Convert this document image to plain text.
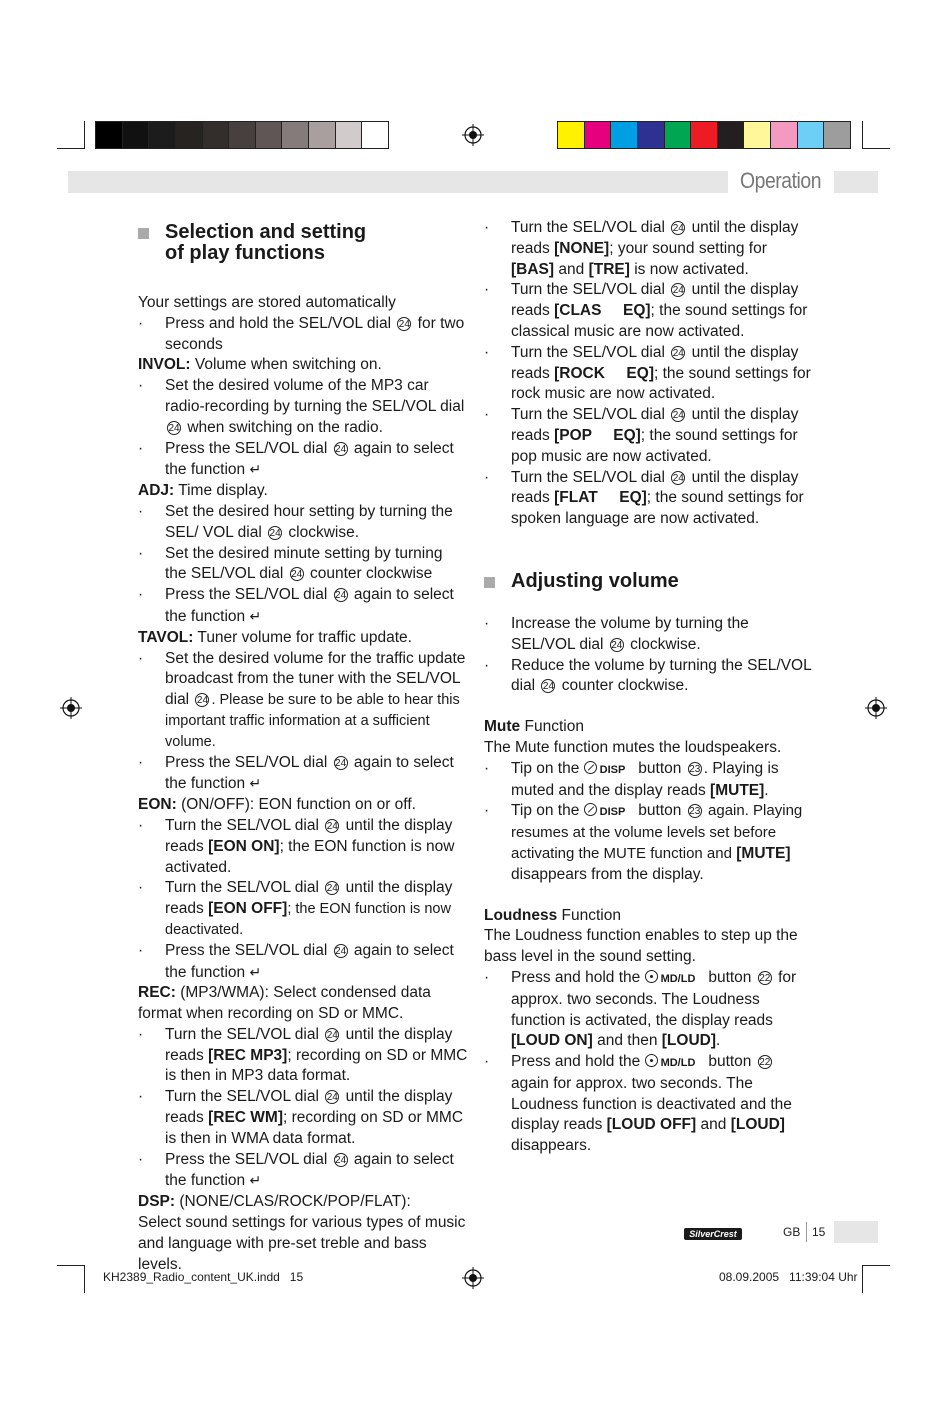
Operation
Selection and setting
of play functions

Your settings are stored automatically

· Press and hold the SEL/VOL dial 24 for two seconds

INVOL: Volume when switching on.

· Set the desired volume of the MP3 car radio-recording by turning the SEL/VOL dial 24 when switching on the radio.
· Press the SEL/VOL dial 24 again to select the function ↵

ADJ: Time display.

· Set the desired hour setting by turning the SEL/ VOL dial 24 clockwise.
· Set the desired minute setting by turning the SEL/VOL dial 24 counter clockwise
· Press the SEL/VOL dial 24 again to select the function ↵

TAVOL: Tuner volume for traffic update.

· Set the desired volume for the traffic update broadcast from the tuner with the SEL/VOL dial 24 . Please be sure to be able to hear this important traffic information at a sufficient volume.
· Press the SEL/VOL dial 24 again to select the function ↵

EON: (ON/OFF): EON function on or off.

· Turn the SEL/VOL dial 24 until the display reads [EON ON]; the EON function is now activated.
· Turn the SEL/VOL dial 24 until the display reads [EON OFF]; the EON function is now deactivated.
· Press the SEL/VOL dial 24 again to select the function ↵

REC: (MP3/WMA): Select condensed data format when recording on SD or MMC.

· Turn the SEL/VOL dial 24 until the display reads [REC MP3]; recording on SD or MMC is then in MP3 data format.
· Turn the SEL/VOL dial 24 until the display reads [REC WM]; recording on SD or MMC is then in WMA data format.
· Press the SEL/VOL dial 24 again to select the function ↵

DSP: (NONE/CLAS/ROCK/POP/FLAT):

Select sound settings for various types of music and language with pre-set treble and bass levels.

· Turn the SEL/VOL dial 24 until the display reads [NONE]; your sound setting for [BAS] and [TRE] is now activated.
· Turn the SEL/VOL dial 24 until the display reads [CLAS     EQ]; the sound settings for classical music are now activated.
· Turn the SEL/VOL dial 24 until the display reads [ROCK     EQ]; the sound settings for rock music are now activated.
· Turn the SEL/VOL dial 24 until the display reads [POP     EQ]; the sound settings for pop music are now activated.
· Turn the SEL/VOL dial 24 until the display reads [FLAT     EQ]; the sound settings for spoken language are now activated.
Adjusting volume
· Increase the volume by turning the SEL/VOL dial 24 clockwise.
· Reduce the volume by turning the SEL/VOL dial 24 counter clockwise.

Mute Function

The Mute function mutes the loudspeakers.

· Tip on the DISP button 23 . Playing is muted and the display reads [MUTE].
· Tip on the DISP button 23 again. Playing resumes at the volume levels set before activating the MUTE function and [MUTE] disappears from the display.

Loudness Function

The Loudness function enables to step up the bass level in the sound setting.

· Press and hold the MD/LD button 22 for approx. two seconds. The Loudness function is activated, the display reads [LOUD ON] and then [LOUD].
· Press and hold the MD/LD button 22 again for approx. two seconds. The Loudness function is deactivated and the display reads [LOUD OFF] and [LOUD] disappears.
SilverCrest	GB 15
KH2389_Radio_content_UK.indd   15	08.09.2005   11:39:04 Uhr
